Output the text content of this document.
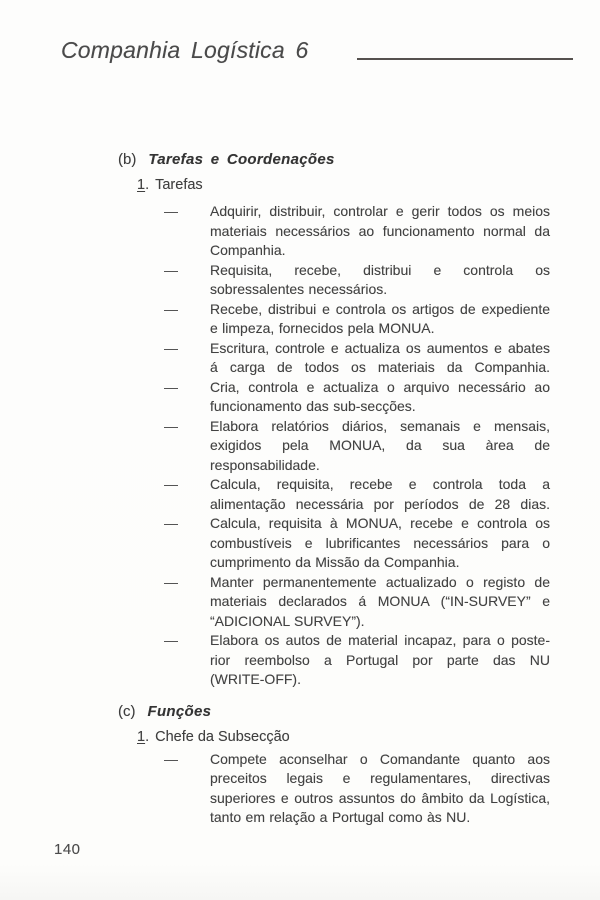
Companhia Logística 6
(b) Tarefas e Coordenações
1. Tarefas
— Adquirir, distribuir, controlar e gerir todos os meios
materiais necessários ao funcionamento normal da
Companhia.
— Requisita, recebe, distribui e controla os
sobressalentes necessários.
— Recebe, distribui e controla os artigos de expediente
e limpeza, fornecidos pela MONUA.
— Escritura, controle e actualiza os aumentos e abates
á carga de todos os materiais da Companhia.
— Cria, controla e actualiza o arquivo necessário ao
funcionamento das sub-secções.
— Elabora relatórios diários, semanais e mensais,
exigidos pela MONUA, da sua àrea de
responsabilidade.
— Calcula, requisita, recebe e controla toda a
alimentação necessária por períodos de 28 dias.
— Calcula, requisita à MONUA, recebe e controla os
combustíveis e lubrificantes necessários para o
cumprimento da Missão da Companhia.
— Manter permanentemente actualizado o registo de
materiais declarados á MONUA (“IN-SURVEY” e
“ADICIONAL SURVEY”).
— Elabora os autos de material incapaz, para o poste-
rior reembolso a Portugal por parte das NU
(WRITE-OFF).
(c) Funções
1. Chefe da Subsecção
— Compete aconselhar o Comandante quanto aos
preceitos legais e regulamentares, directivas
superiores e outros assuntos do âmbito da Logística,
tanto em relação a Portugal como às NU.
140
